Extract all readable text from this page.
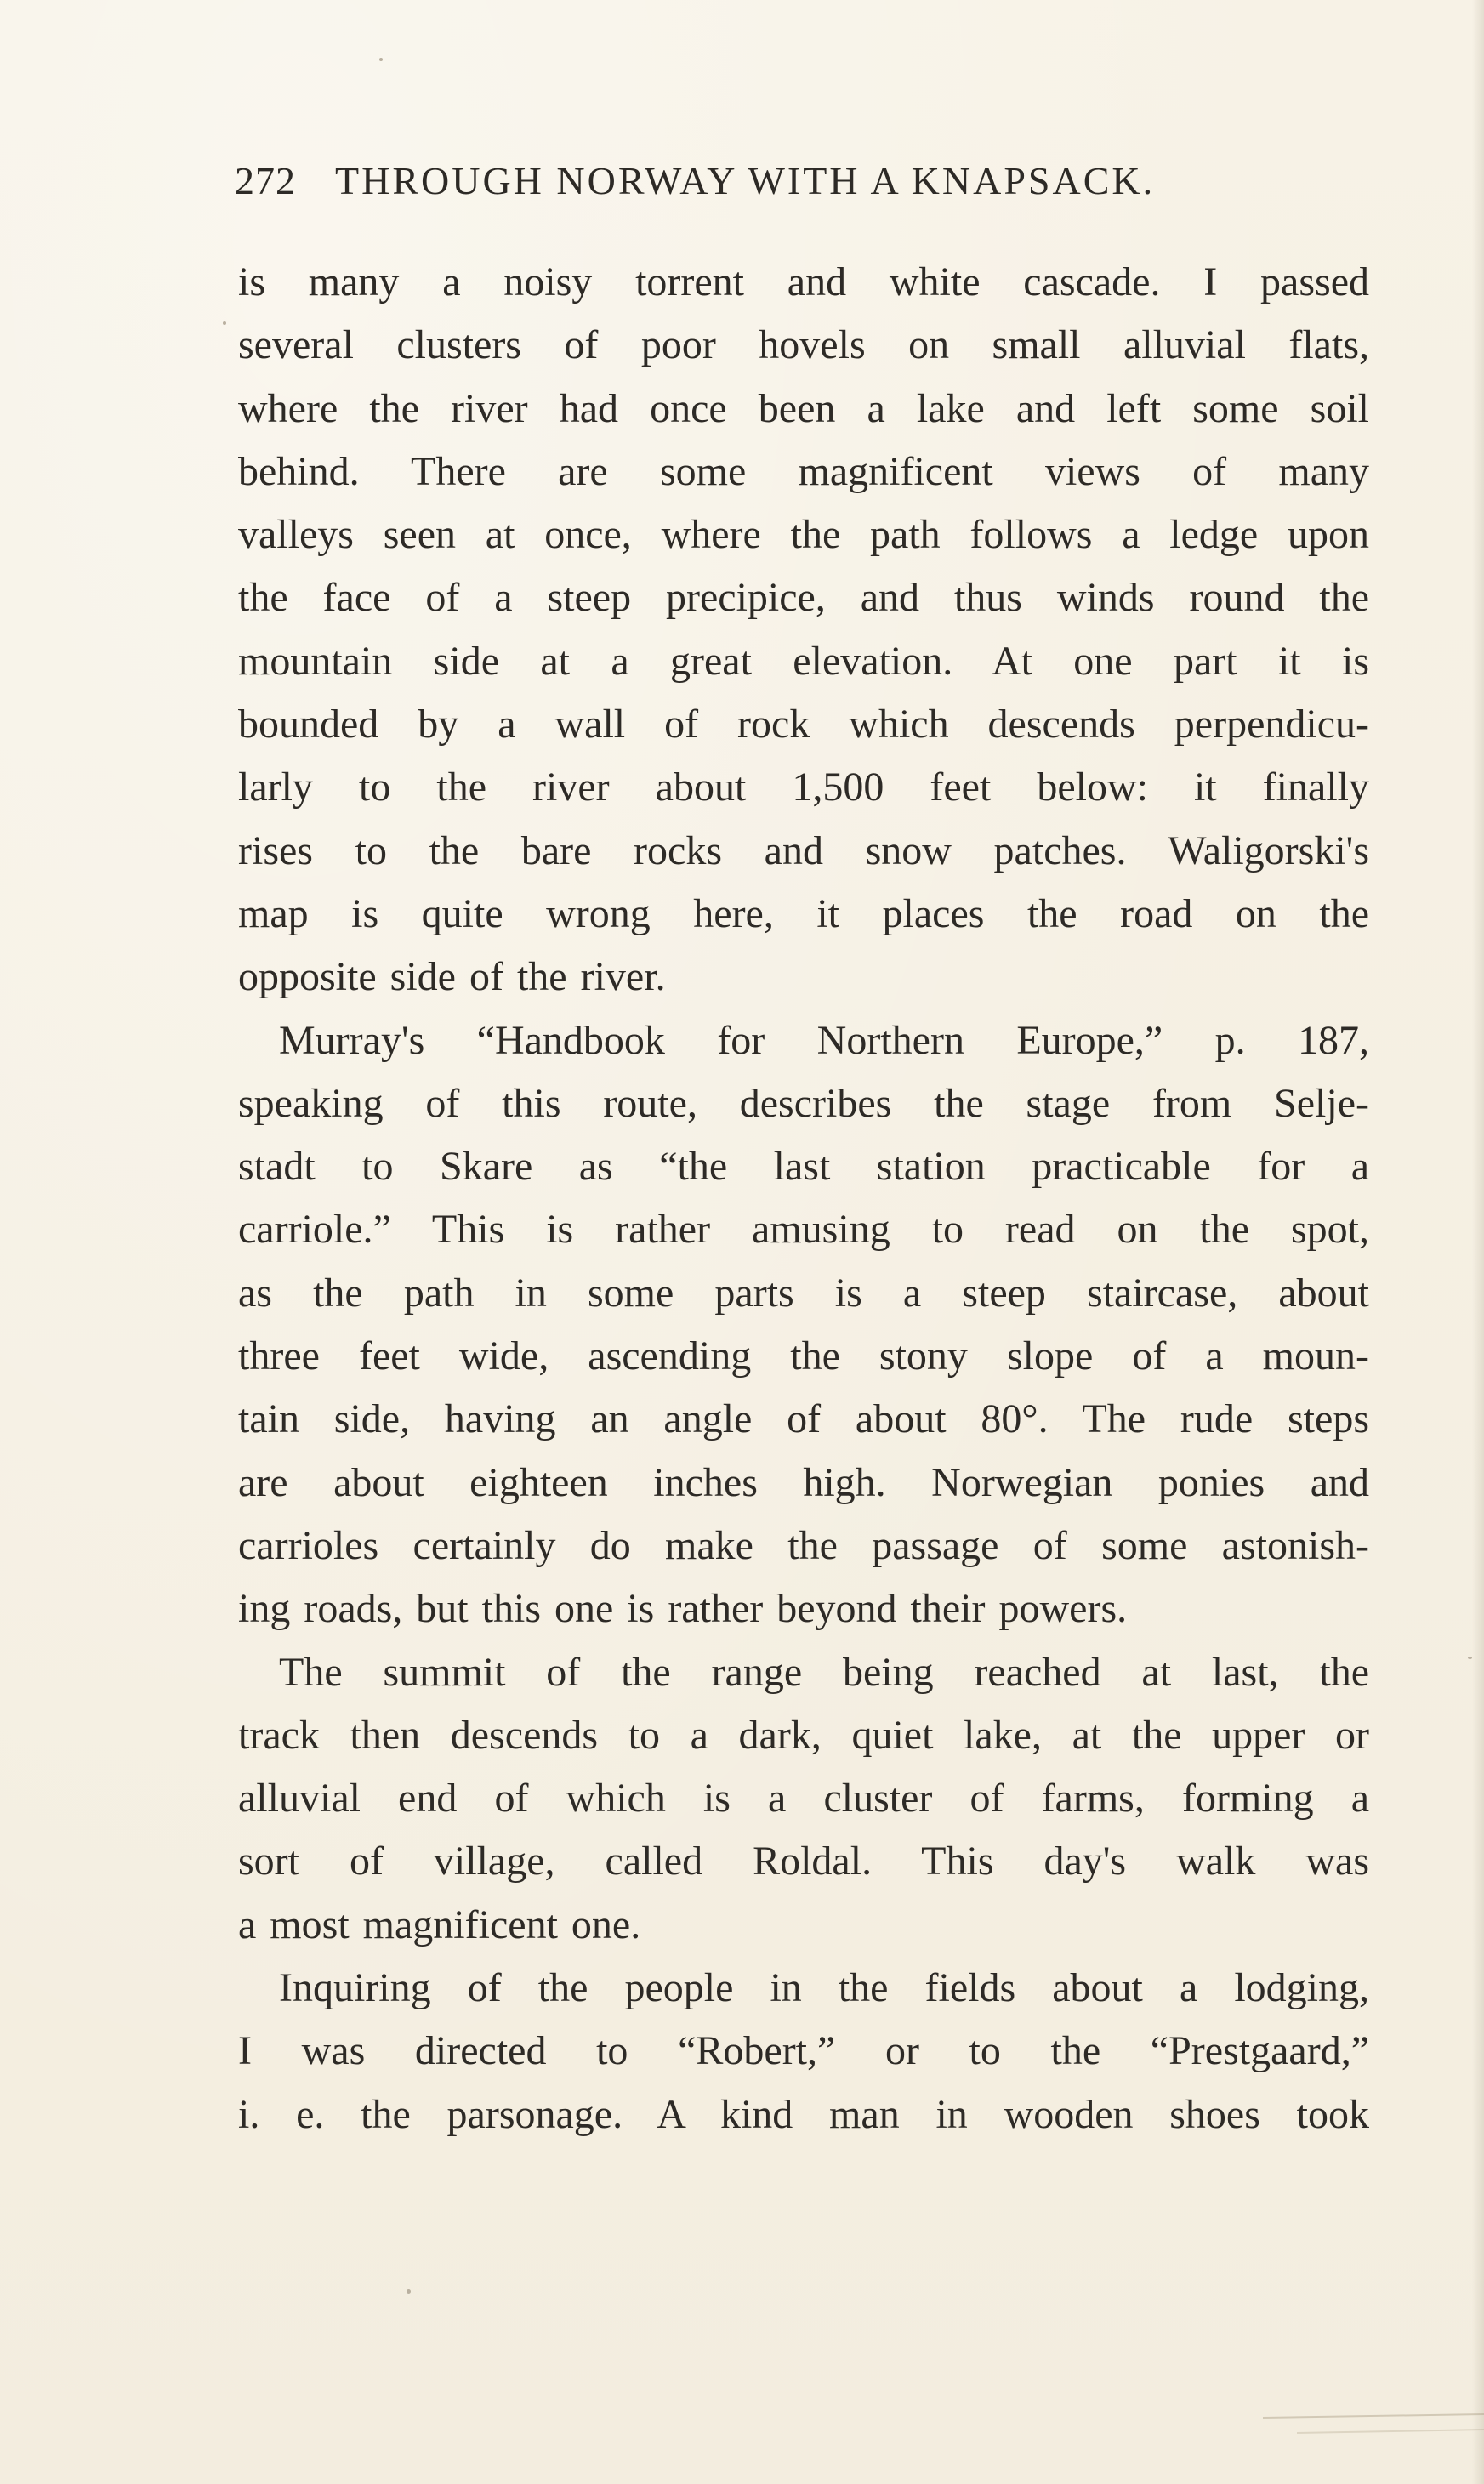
272 THROUGH NORWAY WITH A KNAPSACK.
is many a noisy torrent and white cascade. I passed
several clusters of poor hovels on small alluvial flats,
where the river had once been a lake and left some soil
behind. There are some magnificent views of many
valleys seen at once, where the path follows a ledge upon
the face of a steep precipice, and thus winds round the
mountain side at a great elevation. At one part it is
bounded by a wall of rock which descends perpendicu-
larly to the river about 1,500 feet below: it finally
rises to the bare rocks and snow patches. Waligorski's
map is quite wrong here, it places the road on the
opposite side of the river.
Murray's “Handbook for Northern Europe,” p. 187,
speaking of this route, describes the stage from Selje-
stadt to Skare as “the last station practicable for a
carriole.” This is rather amusing to read on the spot,
as the path in some parts is a steep staircase, about
three feet wide, ascending the stony slope of a moun-
tain side, having an angle of about 80°. The rude steps
are about eighteen inches high. Norwegian ponies and
carrioles certainly do make the passage of some astonish-
ing roads, but this one is rather beyond their powers.
The summit of the range being reached at last, the
track then descends to a dark, quiet lake, at the upper or
alluvial end of which is a cluster of farms, forming a
sort of village, called Roldal. This day's walk was
a most magnificent one.
Inquiring of the people in the fields about a lodging,
I was directed to “Robert,” or to the “Prestgaard,”
i. e. the parsonage. A kind man in wooden shoes took
